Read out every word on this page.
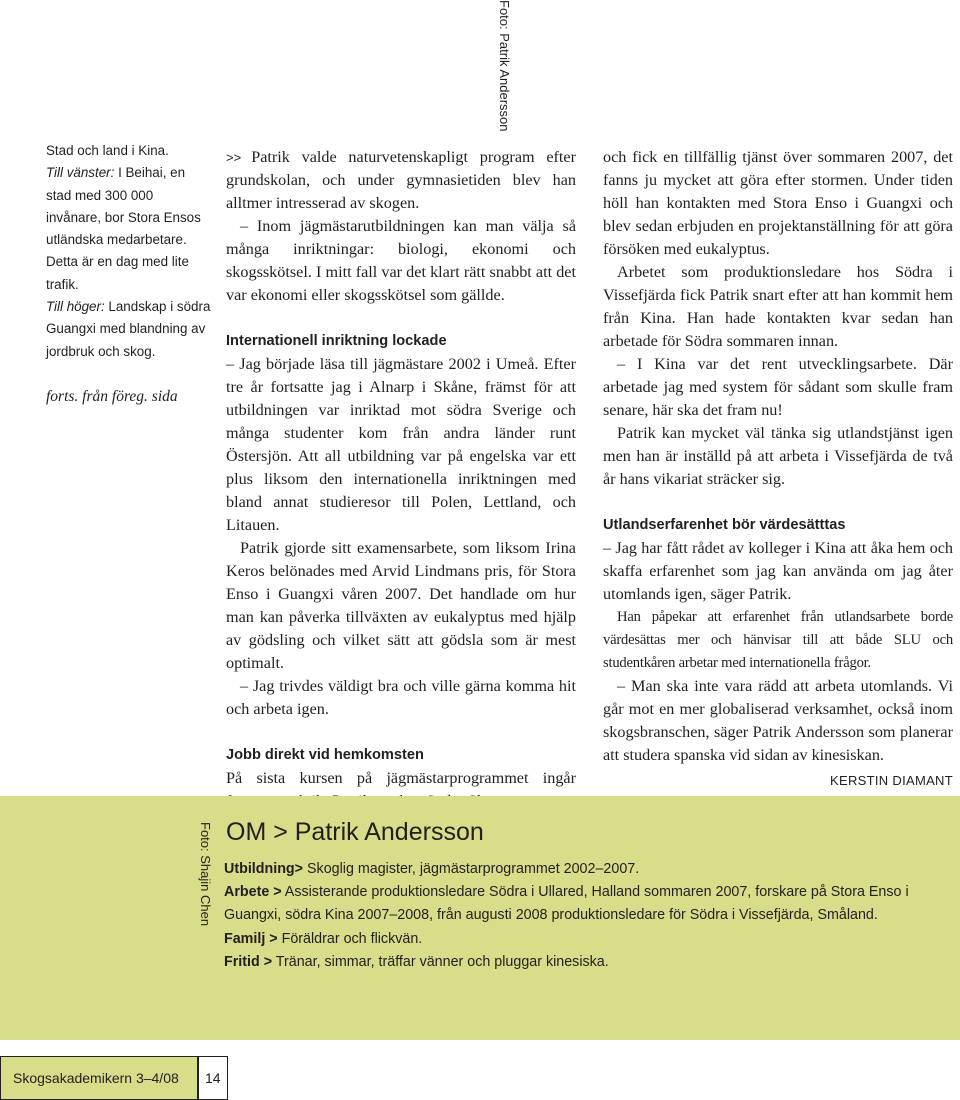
Stad och land i Kina.

Till vänster: I Beihai, en stad med 300 000 invånare, bor Stora Ensos utländska medarbetare. Detta är en dag med lite trafik.

Till höger: Landskap i södra Guangxi med blandning av jordbruk och skog.

forts. från föreg. sida

Foto: Patrik Andersson

>> Patrik valde naturvetenskapligt program efter grundskolan, och under gymnasietiden blev han alltmer intresserad av skogen.

– Inom jägmästarutbildningen kan man välja så många inriktningar: biologi, ekonomi och skogsskötsel. I mitt fall var det klart rätt snabbt att det var ekonomi eller skogsskötsel som gällde.

Internationell inriktning lockade

– Jag började läsa till jägmästare 2002 i Umeå. Efter tre år fortsatte jag i Alnarp i Skåne, främst för att utbildningen var inriktad mot södra Sverige och många studenter kom från andra länder runt Östersjön. Att all utbildning var på engelska var ett plus liksom den internationella inriktningen med bland annat studieresor till Polen, Lettland, och Litauen.

Patrik gjorde sitt examensarbete, som liksom Irina Keros belönades med Arvid Lindmans pris, för Stora Enso i Guangxi våren 2007. Det handlade om hur man kan påverka tillväxten av eukalyptus med hjälp av gödsling och vilket sätt att gödsla som är mest optimalt.

– Jag trivdes väldigt bra och ville gärna komma hit och arbeta igen.

Jobb direkt vid hemkomsten

På sista kursen på jägmästarprogrammet ingår

och fick en tillfällig tjänst över sommaren 2007, det fanns ju mycket att göra efter stormen. Under tiden höll han kontakten med Stora Enso i Guangxi och blev sedan erbjuden en projektanställning för att göra försöken med eukalyptus.

Arbetet som produktionsledare hos Södra i Vissefjärda fick Patrik snart efter att han kommit hem från Kina. Han hade kontakten kvar sedan han arbetade för Södra sommaren innan.

– I Kina var det rent utvecklingsarbete. Där arbetade jag med system för sådant som skulle fram senare, här ska det fram nu!

Patrik kan mycket väl tänka sig utlandstjänst igen men han är inställd på att arbeta i Vissefjärda de två år hans vikariat sträcker sig.

Utlandserfarenhet bör värdesätttas

– Jag har fått rådet av kolleger i Kina att åka hem och skaffa erfarenhet som jag kan använda om jag åter utomlands igen, säger Patrik.

Han påpekar att erfarenhet från utlandsarbete borde värdesättas mer och hänvisar till att både SLU och studentkåren arbetar med internationella frågor.

– Man ska inte vara rädd att arbeta utomlands. Vi går mot en mer globaliserad verksamhet, också inom skogsbranschen, säger Patrik Andersson som planerar att studera spanska vid sidan av kinesiskan.

KERSTIN DIAMANT
Foto: Shajin Chen OM > Patrik Andersson

Utbildning> Skoglig magister, jägmästarprogrammet 2002–2007.

Arbete > Assisterande produktionsledare Södra i Ullared, Halland sommaren 2007, forskare på Stora Enso i Guangxi, södra Kina 2007–2008, från augusti 2008 produktionsledare för Södra i Vissefjärda, Småland.

Familj > Föräldrar och flickvän.

Fritid > Tränar, simmar, träffar vänner och pluggar kinesiska.

Skogsakademikern 3–4/08 14
